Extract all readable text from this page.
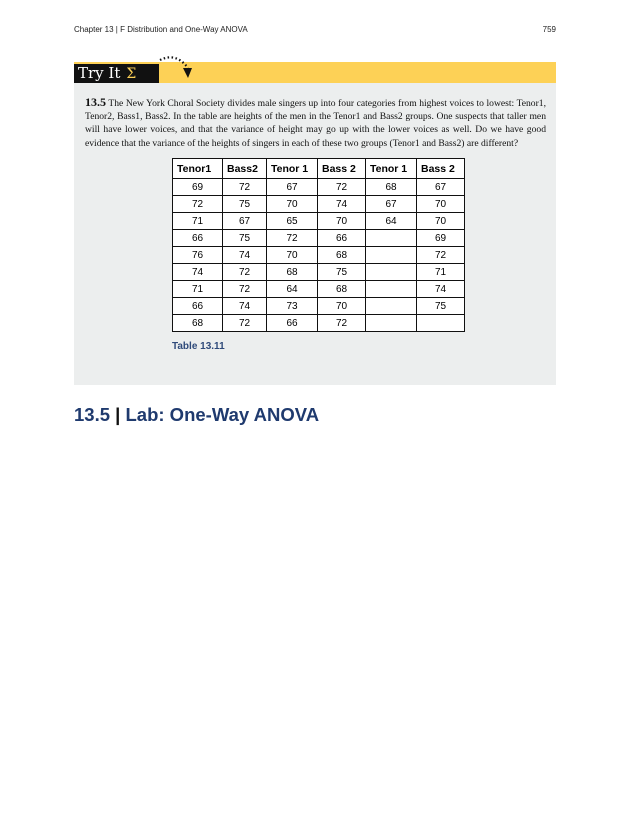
Chapter 13 | F Distribution and One-Way ANOVA	759
Try It Σ
13.5 The New York Choral Society divides male singers up into four categories from highest voices to lowest: Tenor1, Tenor2, Bass1, Bass2. In the table are heights of the men in the Tenor1 and Bass2 groups. One suspects that taller men will have lower voices, and that the variance of height may go up with the lower voices as well. Do we have good evidence that the variance of the heights of singers in each of these two groups (Tenor1 and Bass2) are different?
Tenor1	Bass2	Tenor 1	Bass 2	Tenor 1	Bass 2
69	72	67	72	68	67
72	75	70	74	67	70
71	67	65	70	64	70
66	75	72	66		69
76	74	70	68		72
74	72	68	75		71
71	72	64	68		74
66	74	73	70		75
68	72	66	72		
Table 13.11
13.5 | Lab: One-Way ANOVA
